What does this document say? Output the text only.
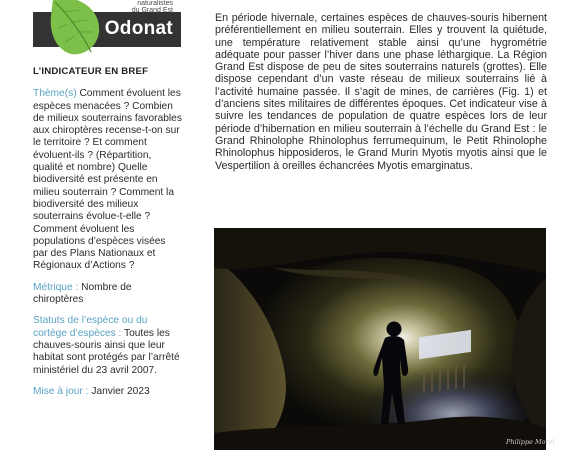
naturalistes
du Grand Est
Odonat
L’INDICATEUR EN BREF
Thème(s) Comment évoluent les espèces menacées ? Combien de milieux souterrains favorables aux chiroptères recense-t-on sur le territoire ? Et comment évoluent-ils ? (Répartition, qualité et nombre) Quelle biodiversité est présente en milieu souterrain ? Comment la biodiversité des milieux souterrains évolue-t-elle ? Comment évoluent les populations d’espèces visées par des Plans Nationaux et Régionaux d’Actions ?
Métrique : Nombre de chiroptères
Statuts de l’espèce ou du cortège d’espèces : Toutes les chauves-souris ainsi que leur habitat sont protégés par l’arrêté ministériel du 23 avril 2007.
Mise à jour : Janvier 2023

En période hivernale, certaines espèces de chauves-souris hibernent préférentiellement en milieu souterrain. Elles y trouvent la quiétude, une température relativement stable ainsi qu’une hygrométrie adéquate pour passer l’hiver dans une phase léthargique. La Région Grand Est dispose de peu de sites souterrains naturels (grottes). Elle dispose cependant d’un vaste réseau de milieux souterrains lié à l’activité humaine passée. Il s’agit de mines, de carrières (Fig. 1) et d’anciens sites militaires de différentes époques. Cet indicateur vise à suivre les tendances de population de quatre espèces lors de leur période d’hibernation en milieu souterrain à l’échelle du Grand Est : le Grand Rhinolophe Rhinolophus ferrumequinum, le Petit Rhinolophe Rhinolophus hipposideros, le Grand Murin Myotis myotis ainsi que le Vespertilion à oreilles échancrées Myotis emarginatus.

Philippe Morel
